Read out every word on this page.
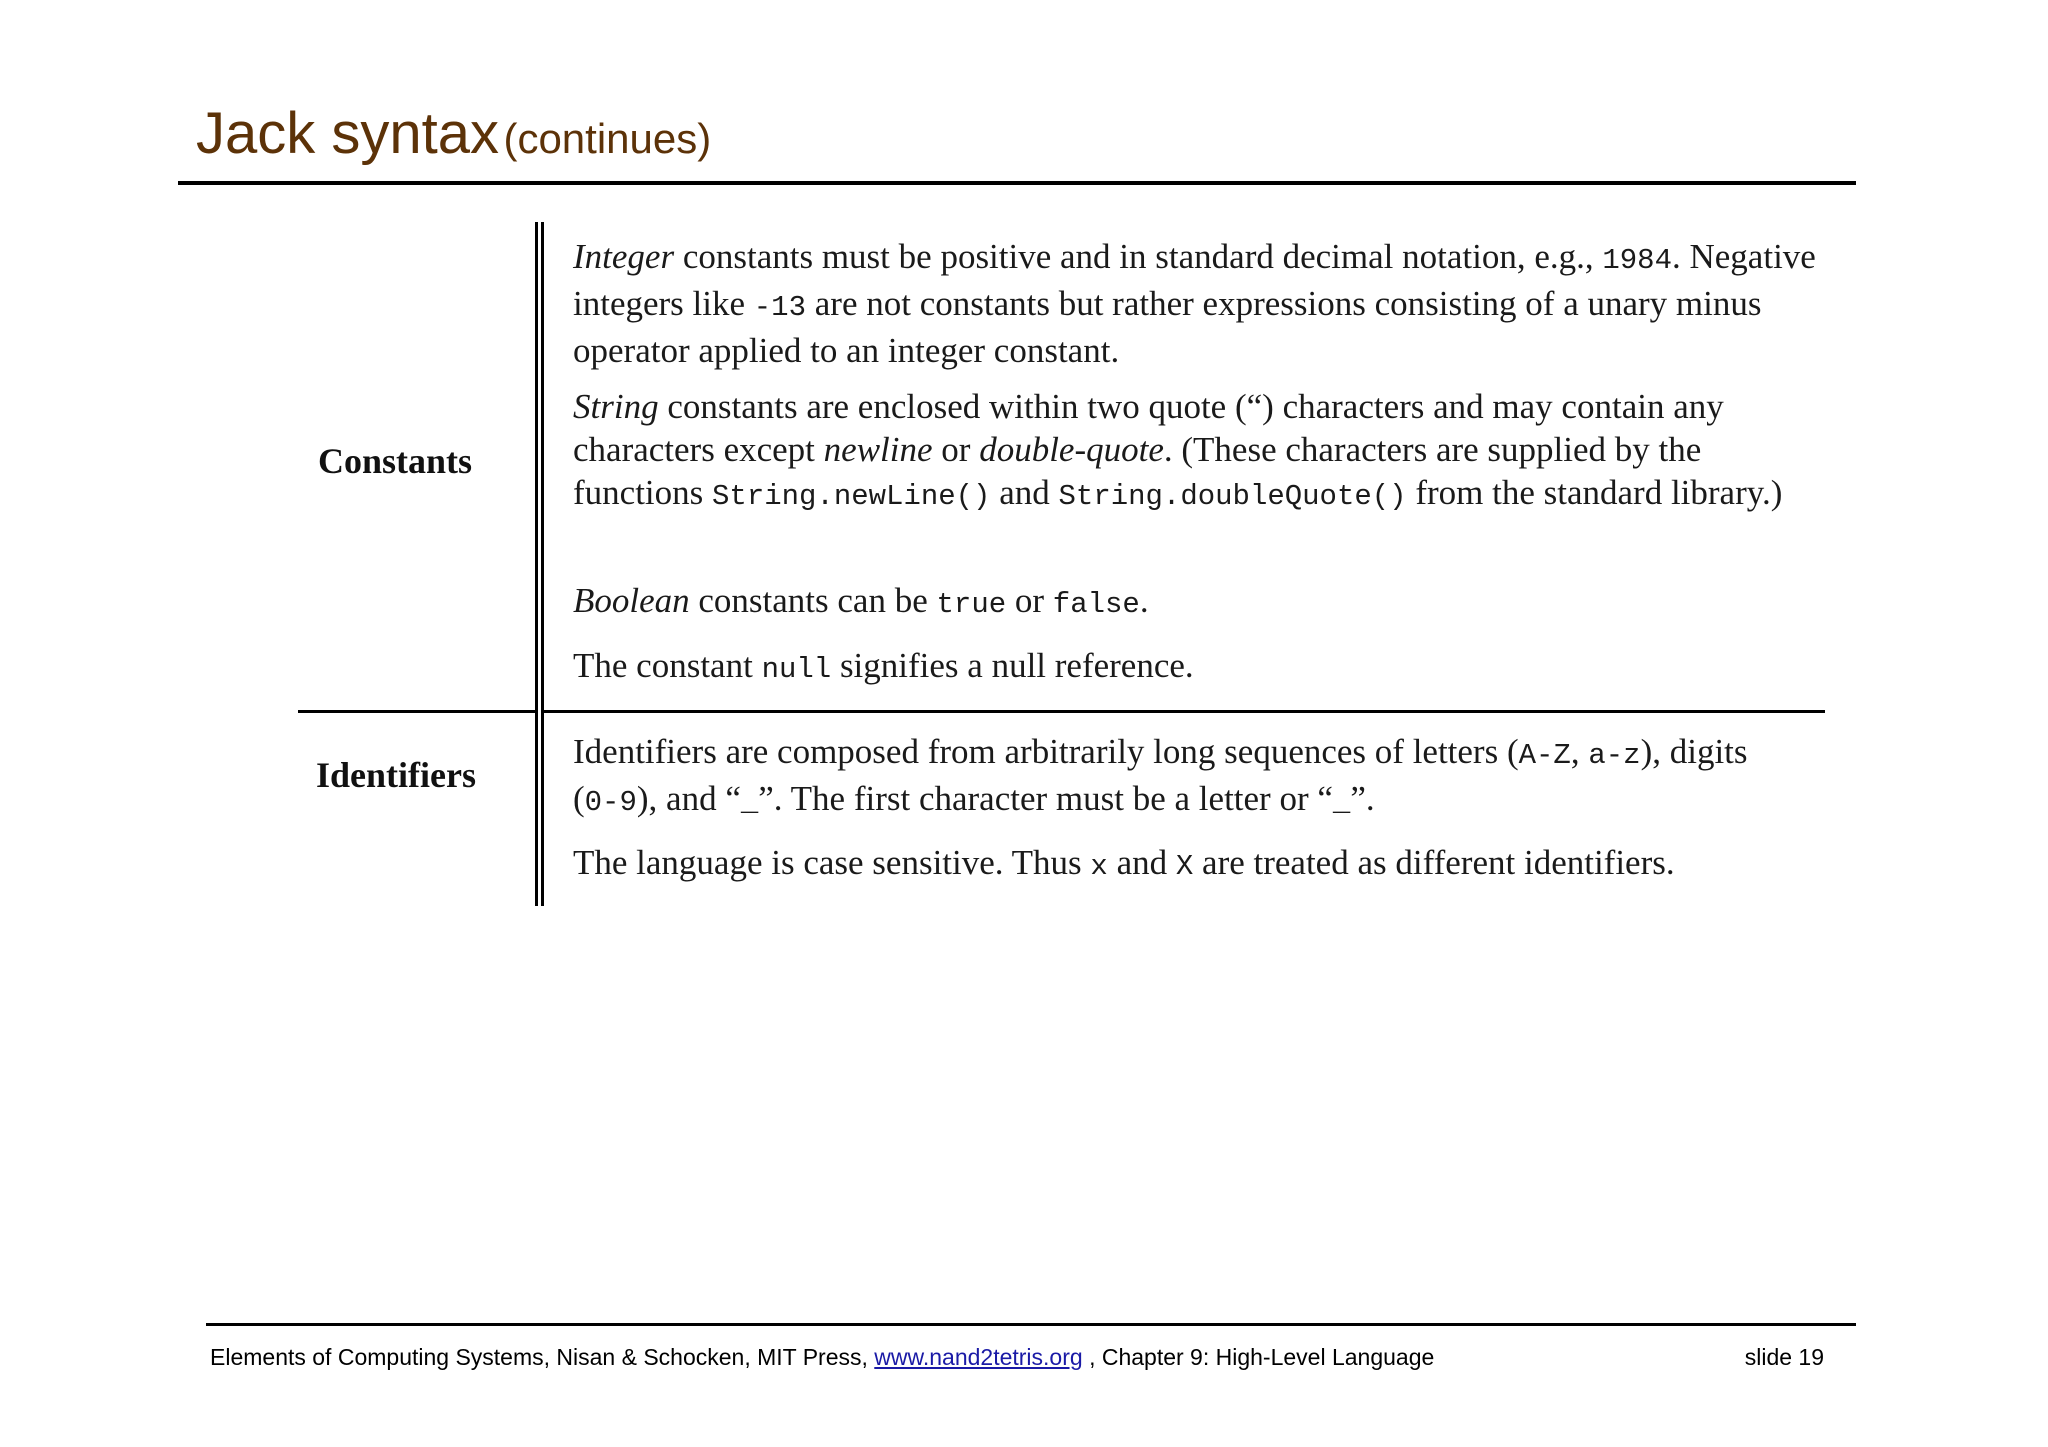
Jack syntax (continues)
Constants
Identifiers

Integer constants must be positive and in standard decimal notation, e.g., 1984. Negative integers like -13 are not constants but rather expressions consisting of a unary minus operator applied to an integer constant.

String constants are enclosed within two quote (“) characters and may contain any characters except newline or double-quote. (These characters are supplied by the functions String.newLine() and String.doubleQuote() from the standard library.)

Boolean constants can be true or false.

The constant null signifies a null reference.

Identifiers are composed from arbitrarily long sequences of letters (A-Z, a-z), digits (0-9), and “_”. The first character must be a letter or “_”.

The language is case sensitive. Thus x and X are treated as different identifiers.

Elements of Computing Systems, Nisan & Schocken, MIT Press, www.nand2tetris.org , Chapter 9: High-Level Language	slide 19
